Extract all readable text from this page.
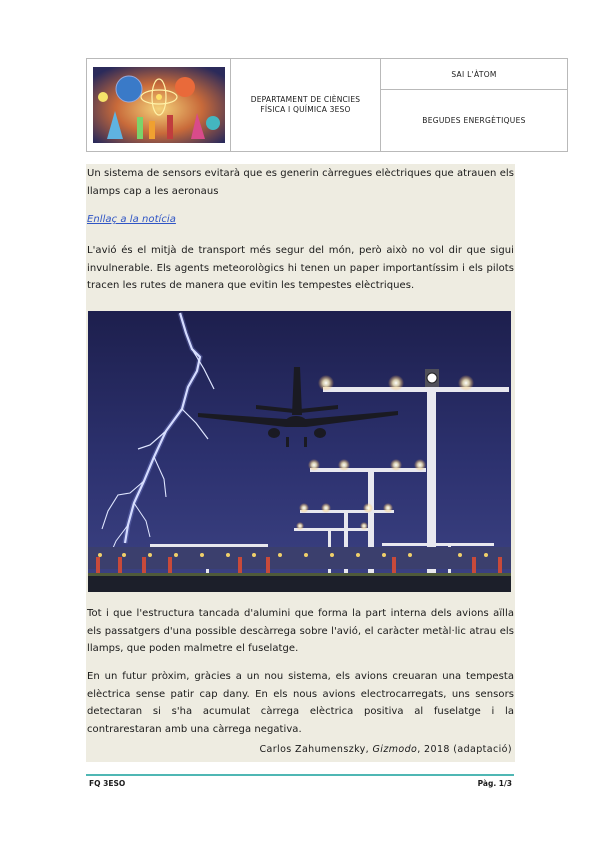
DEPARTAMENT DE CIÈNCIES
FÍSICA I QUÍMICA 3ESO
SAI L'ÀTOM
BEGUDES ENERGÈTIQUES

Un sistema de sensors evitarà que es generin càrregues elèctriques que atrauen els llamps cap a les aeronaus

Enllaç a la notícia

L'avió és el mitjà de transport més segur del món, però això no vol dir que sigui invulnerable. Els agents meteorològics hi tenen un paper importantíssim i els pilots tracen les rutes de manera que evitin les tempestes elèctriques.

Tot i que l'estructura tancada d'alumini que forma la part interna dels avions aïlla els passatgers d'una possible descàrrega sobre l'avió, el caràcter metàl·lic atrau els llamps, que poden malmetre el fuselatge.

En un futur pròxim, gràcies a un nou sistema, els avions creuaran una tempesta elèctrica sense patir cap dany. En els nous avions electrocarregats, uns sensors detectaran si s'ha acumulat càrrega elèctrica positiva al fuselatge i la contrarestaran amb una càrrega negativa.

Carlos Zahumenszky, Gizmodo, 2018 (adaptació)
FQ 3ESO	Pàg. 1/3
